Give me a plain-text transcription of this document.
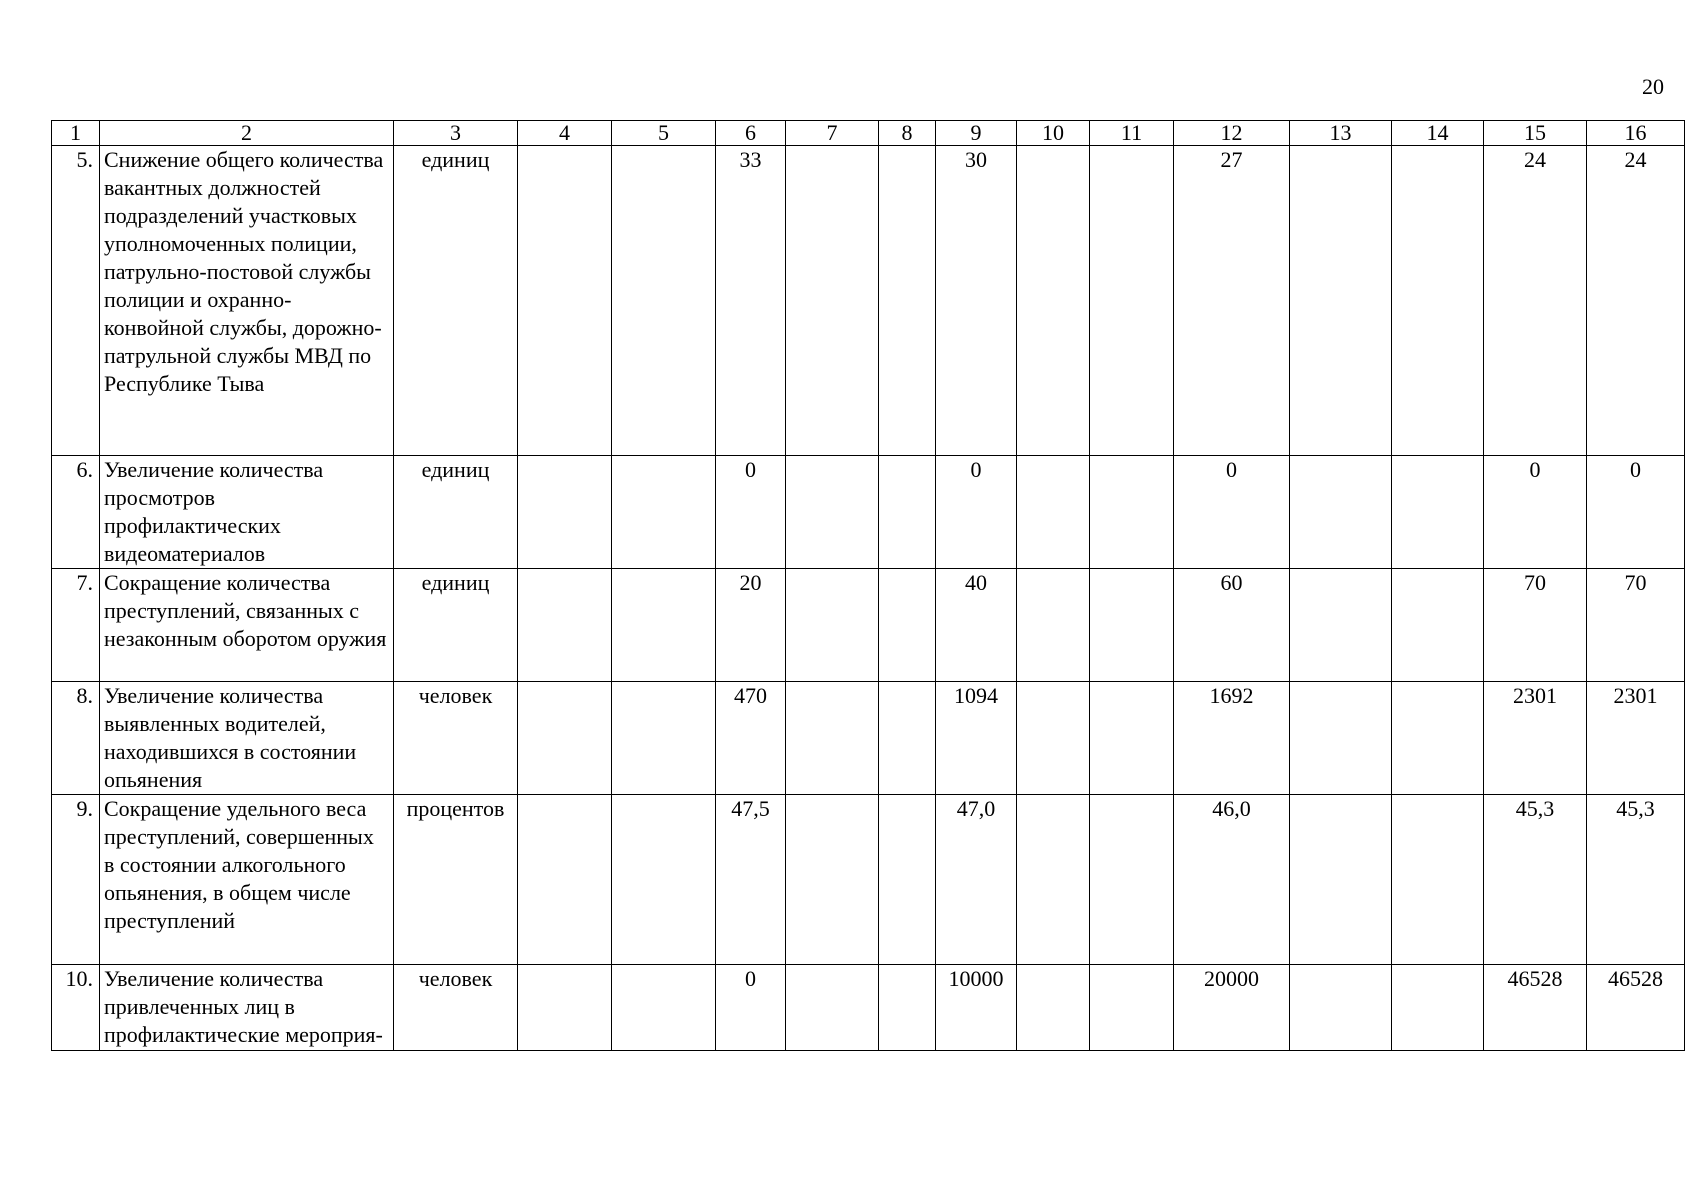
20
1	2	3	4	5	6	7	8	9	10	11	12	13	14	15	16
5.	Снижение общего количества вакантных должностей подразделений участковых уполномоченных полиции, патрульно-постовой службы полиции и охранно-конвойной службы, дорожно-патрульной службы МВД по Республике Тыва	единиц			33			30			27			24	24
6.	Увеличение количества просмотров профилактических видеоматериалов	единиц			0			0			0			0	0
7.	Сокращение количества преступлений, связанных с незаконным оборотом оружия	единиц			20			40			60			70	70
8.	Увеличение количества выявленных водителей, находившихся в состоянии опьянения	человек			470			1094			1692			2301	2301
9.	Сокращение удельного веса преступлений, совершенных в состоянии алкогольного опьянения, в общем числе преступлений	процентов			47,5			47,0			46,0			45,3	45,3
10.	Увеличение количества привлеченных лиц в профилактические мероприя-	человек			0			10000			20000			46528	46528
